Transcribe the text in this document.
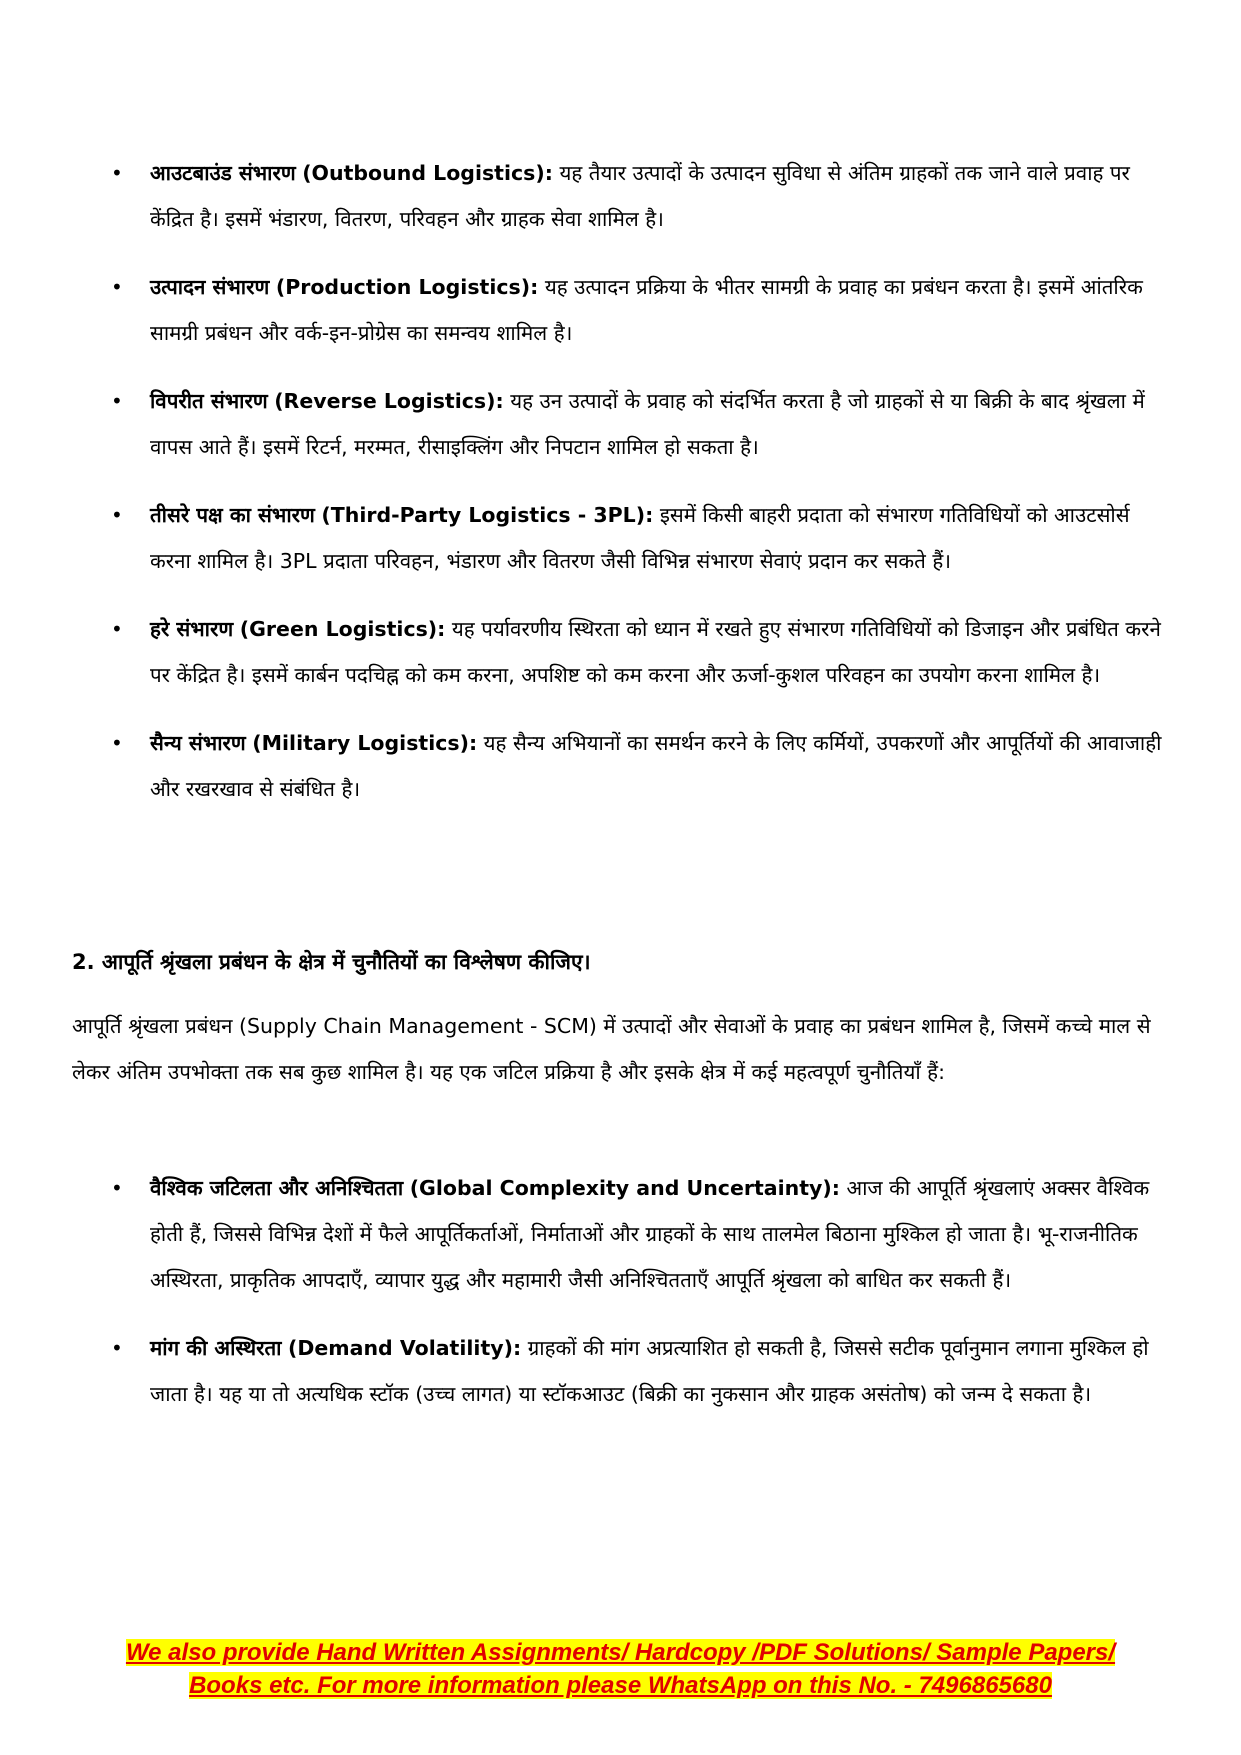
• आउटबाउंड संभारण (Outbound Logistics): यह तैयार उत्पादों के उत्पादन सुविधा से अंतिम ग्राहकों तक जाने वाले प्रवाह पर केंद्रित है। इसमें भंडारण, वितरण, परिवहन और ग्राहक सेवा शामिल है।
• उत्पादन संभारण (Production Logistics): यह उत्पादन प्रक्रिया के भीतर सामग्री के प्रवाह का प्रबंधन करता है। इसमें आंतरिक सामग्री प्रबंधन और वर्क-इन-प्रोग्रेस का समन्वय शामिल है।
• विपरीत संभारण (Reverse Logistics): यह उन उत्पादों के प्रवाह को संदर्भित करता है जो ग्राहकों से या बिक्री के बाद श्रृंखला में वापस आते हैं। इसमें रिटर्न, मरम्मत, रीसाइक्लिंग और निपटान शामिल हो सकता है।
• तीसरे पक्ष का संभारण (Third-Party Logistics - 3PL): इसमें किसी बाहरी प्रदाता को संभारण गतिविधियों को आउटसोर्स करना शामिल है। 3PL प्रदाता परिवहन, भंडारण और वितरण जैसी विभिन्न संभारण सेवाएं प्रदान कर सकते हैं।
• हरे संभारण (Green Logistics): यह पर्यावरणीय स्थिरता को ध्यान में रखते हुए संभारण गतिविधियों को डिजाइन और प्रबंधित करने पर केंद्रित है। इसमें कार्बन पदचिह्न को कम करना, अपशिष्ट को कम करना और ऊर्जा-कुशल परिवहन का उपयोग करना शामिल है।
• सैन्य संभारण (Military Logistics): यह सैन्य अभियानों का समर्थन करने के लिए कर्मियों, उपकरणों और आपूर्तियों की आवाजाही और रखरखाव से संबंधित है।

2. आपूर्ति श्रृंखला प्रबंधन के क्षेत्र में चुनौतियों का विश्लेषण कीजिए।

आपूर्ति श्रृंखला प्रबंधन (Supply Chain Management - SCM) में उत्पादों और सेवाओं के प्रवाह का प्रबंधन शामिल है, जिसमें कच्चे माल से लेकर अंतिम उपभोक्ता तक सब कुछ शामिल है। यह एक जटिल प्रक्रिया है और इसके क्षेत्र में कई महत्वपूर्ण चुनौतियाँ हैं:

• वैश्विक जटिलता और अनिश्चितता (Global Complexity and Uncertainty): आज की आपूर्ति श्रृंखलाएं अक्सर वैश्विक होती हैं, जिससे विभिन्न देशों में फैले आपूर्तिकर्ताओं, निर्माताओं और ग्राहकों के साथ तालमेल बिठाना मुश्किल हो जाता है। भू-राजनीतिक अस्थिरता, प्राकृतिक आपदाएँ, व्यापार युद्ध और महामारी जैसी अनिश्चितताएँ आपूर्ति श्रृंखला को बाधित कर सकती हैं।
• मांग की अस्थिरता (Demand Volatility): ग्राहकों की मांग अप्रत्याशित हो सकती है, जिससे सटीक पूर्वानुमान लगाना मुश्किल हो जाता है। यह या तो अत्यधिक स्टॉक (उच्च लागत) या स्टॉकआउट (बिक्री का नुकसान और ग्राहक असंतोष) को जन्म दे सकता है।
We also provide Hand Written Assignments/ Hardcopy /PDF Solutions/ Sample Papers/
Books etc. For more information please WhatsApp on this No. - 7496865680
